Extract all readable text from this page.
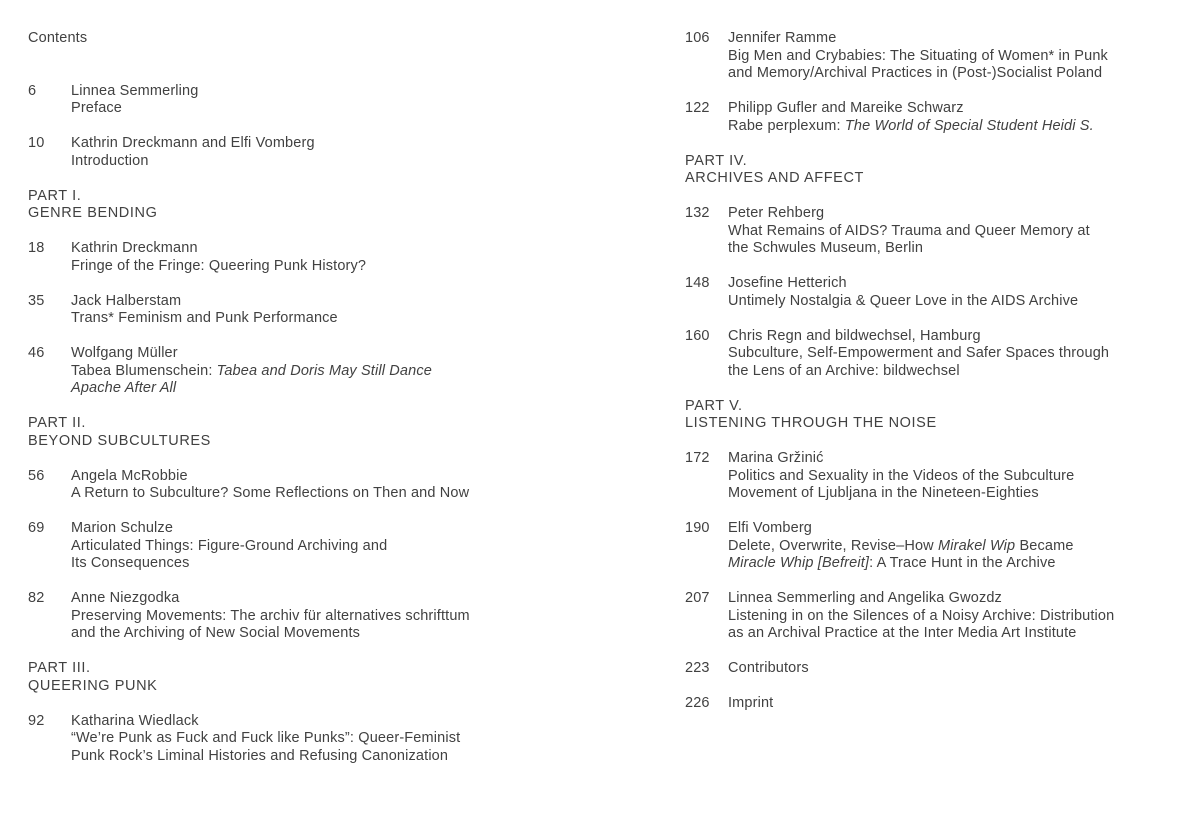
Contents
6	Linnea Semmerling
Preface
10	Kathrin Dreckmann and Elfi Vomberg
Introduction
PART I.
GENRE BENDING
18	Kathrin Dreckmann
Fringe of the Fringe: Queering Punk History?
35	Jack Halberstam
Trans* Feminism and Punk Performance
46	Wolfgang Müller
Tabea Blumenschein: Tabea and Doris May Still Dance
Apache After All
PART II.
BEYOND SUBCULTURES
56	Angela McRobbie
A Return to Subculture? Some Reflections on Then and Now
69	Marion Schulze
Articulated Things: Figure-Ground Archiving and
Its Consequences
82	Anne Niezgodka
Preserving Movements: The archiv für alternatives schrifttum
and the Archiving of New Social Movements
PART III.
QUEERING PUNK
92	Katharina Wiedlack
“We’re Punk as Fuck and Fuck like Punks”: Queer-Feminist
Punk Rock’s Liminal Histories and Refusing Canonization
106	Jennifer Ramme
Big Men and Crybabies: The Situating of Women* in Punk
and Memory/Archival Practices in (Post-)Socialist Poland
122	Philipp Gufler and Mareike Schwarz
Rabe perplexum: The World of Special Student Heidi S.
PART IV.
ARCHIVES AND AFFECT
132	Peter Rehberg
What Remains of AIDS? Trauma and Queer Memory at
the Schwules Museum, Berlin
148	Josefine Hetterich
Untimely Nostalgia & Queer Love in the AIDS Archive
160	Chris Regn and bildwechsel, Hamburg
Subculture, Self-Empowerment and Safer Spaces through
the Lens of an Archive: bildwechsel
PART V.
LISTENING THROUGH THE NOISE
172	Marina Gržinić
Politics and Sexuality in the Videos of the Subculture
Movement of Ljubljana in the Nineteen-Eighties
190	Elfi Vomberg
Delete, Overwrite, Revise–How Mirakel Wip Became
Miracle Whip [Befreit]: A Trace Hunt in the Archive
207	Linnea Semmerling and Angelika Gwozdz
Listening in on the Silences of a Noisy Archive: Distribution
as an Archival Practice at the Inter Media Art Institute
223	Contributors
226	Imprint
